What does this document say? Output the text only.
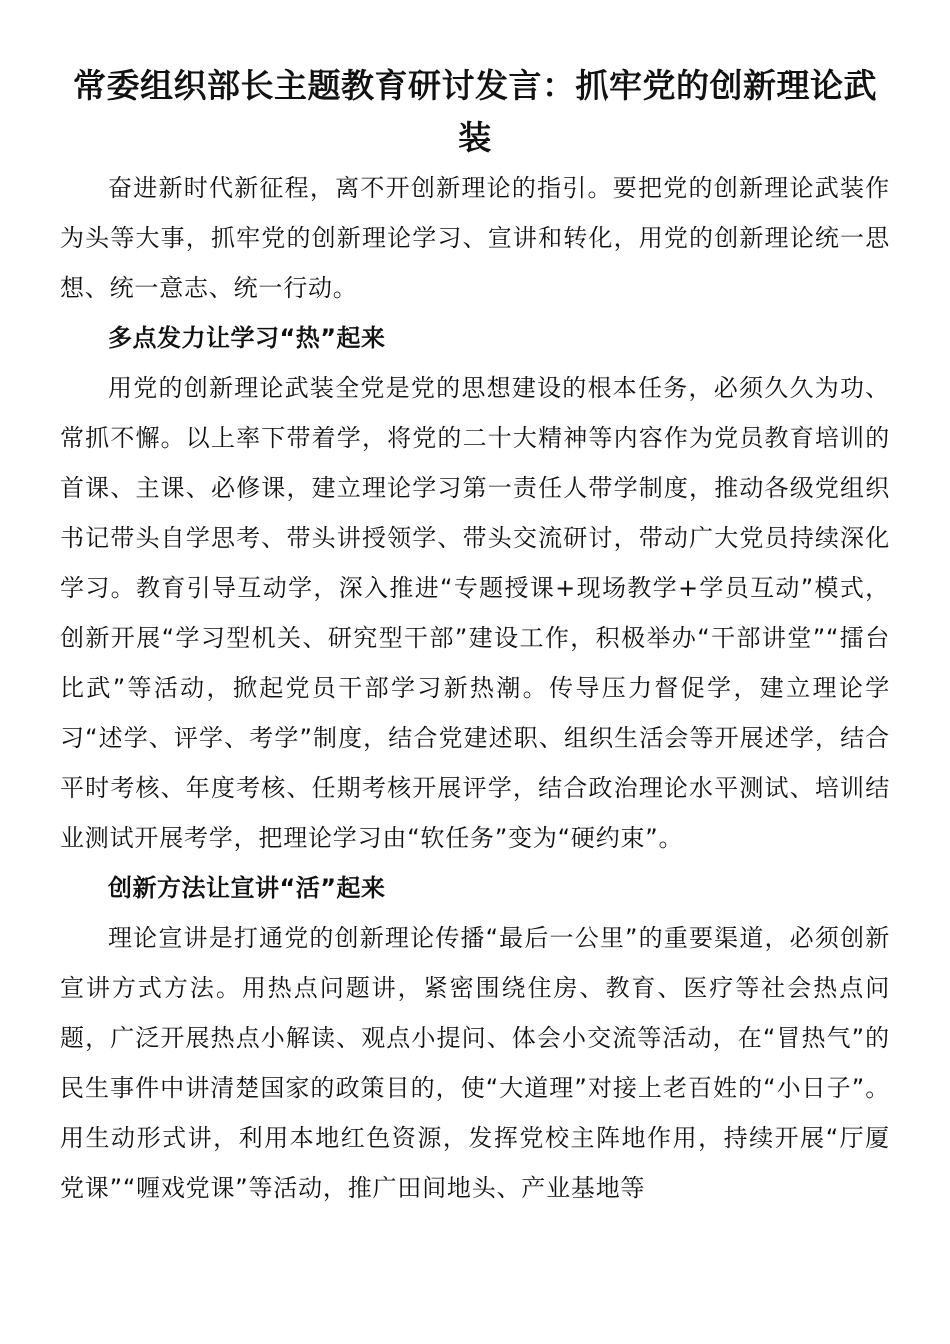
常委组织部长主题教育研讨发言：抓牢党的创新理论武装

奋进新时代新征程，离不开创新理论的指引。要把党的创新理论武装作为头等大事，抓牢党的创新理论学习、宣讲和转化，用党的创新理论统一思想、统一意志、统一行动。

多点发力让学习“热”起来

用党的创新理论武装全党是党的思想建设的根本任务，必须久久为功、常抓不懈。以上率下带着学，将党的二十大精神等内容作为党员教育培训的首课、主课、必修课，建立理论学习第一责任人带学制度，推动各级党组织书记带头自学思考、带头讲授领学、带头交流研讨，带动广大党员持续深化学习。教育引导互动学，深入推进“专题授课+现场教学+学员互动”模式，创新开展“学习型机关、研究型干部”建设工作，积极举办“干部讲堂”“擂台比武”等活动，掀起党员干部学习新热潮。传导压力督促学，建立理论学习“述学、评学、考学”制度，结合党建述职、组织生活会等开展述学，结合平时考核、年度考核、任期考核开展评学，结合政治理论水平测试、培训结业测试开展考学，把理论学习由“软任务”变为“硬约束”。

创新方法让宣讲“活”起来

理论宣讲是打通党的创新理论传播“最后一公里”的重要渠道，必须创新宣讲方式方法。用热点问题讲，紧密围绕住房、教育、医疗等社会热点问题，广泛开展热点小解读、观点小提问、体会小交流等活动，在“冒热气”的民生事件中讲清楚国家的政策目的，使“大道理”对接上老百姓的“小日子”。用生动形式讲，利用本地红色资源，发挥党校主阵地作用，持续开展“厅厦党课”“喱戏党课”等活动，推广田间地头、产业基地等
